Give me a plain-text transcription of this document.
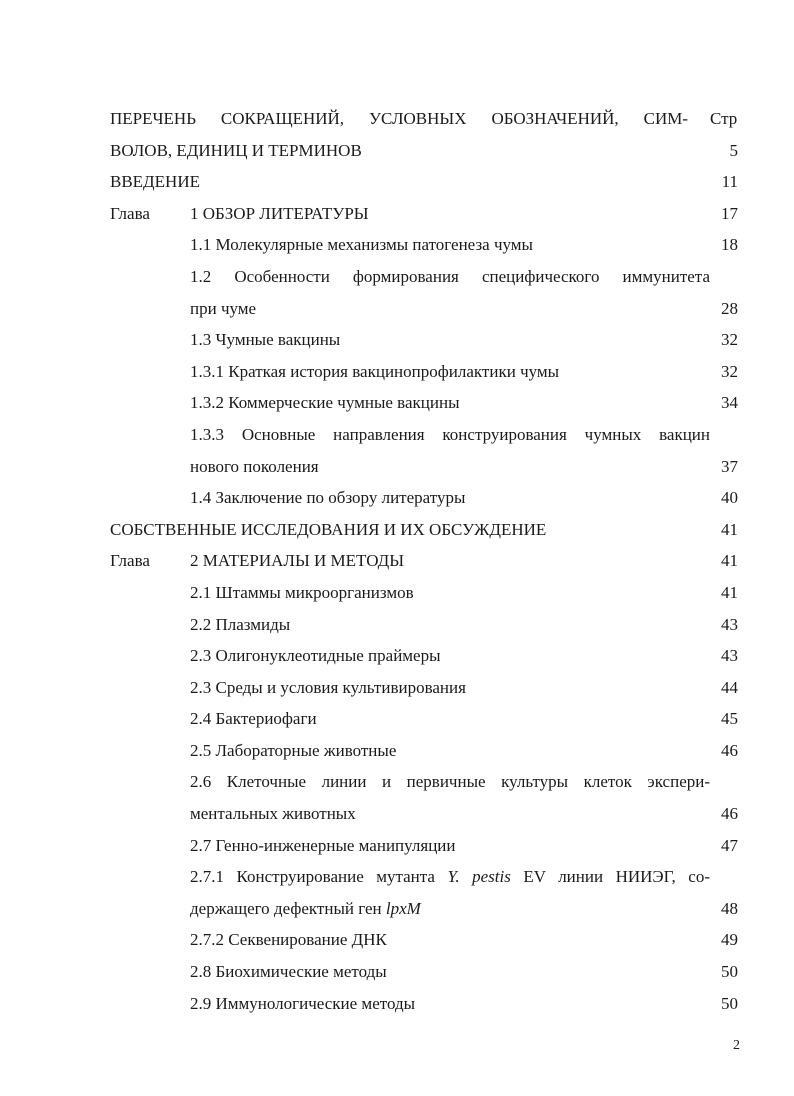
ПЕРЕЧЕНЬ СОКРАЩЕНИЙ, УСЛОВНЫХ ОБОЗНАЧЕНИЙ, СИМ- Стр
ВОЛОВ, ЕДИНИЦ И ТЕРМИНОВ	5
ВВЕДЕНИЕ	11
Глава 1 ОБЗОР ЛИТЕРАТУРЫ	17
1.1 Молекулярные механизмы патогенеза чумы	18
1.2 Особенности формирования специфического иммунитета
при чуме	28
1.3 Чумные вакцины	32
1.3.1 Краткая история вакцинопрофилактики чумы	32
1.3.2 Коммерческие чумные вакцины	34
1.3.3 Основные направления конструирования чумных вакцин
нового поколения	37
1.4 Заключение по обзору литературы	40
СОБСТВЕННЫЕ ИССЛЕДОВАНИЯ И ИХ ОБСУЖДЕНИЕ	41
Глава 2 МАТЕРИАЛЫ И МЕТОДЫ	41
2.1 Штаммы микроорганизмов	41
2.2 Плазмиды	43
2.3 Олигонуклеотидные праймеры	43
2.3 Среды и условия культивирования	44
2.4 Бактериофаги	45
2.5 Лабораторные животные	46
2.6 Клеточные линии и первичные культуры клеток экспери-
ментальных животных	46
2.7 Генно-инженерные манипуляции	47
2.7.1 Конструирование мутанта Y. pestis EV линии НИИЭГ, со-
держащего дефектный ген lpxM	48
2.7.2 Секвенирование ДНК	49
2.8 Биохимические методы	50
2.9 Иммунологические методы	50
2
